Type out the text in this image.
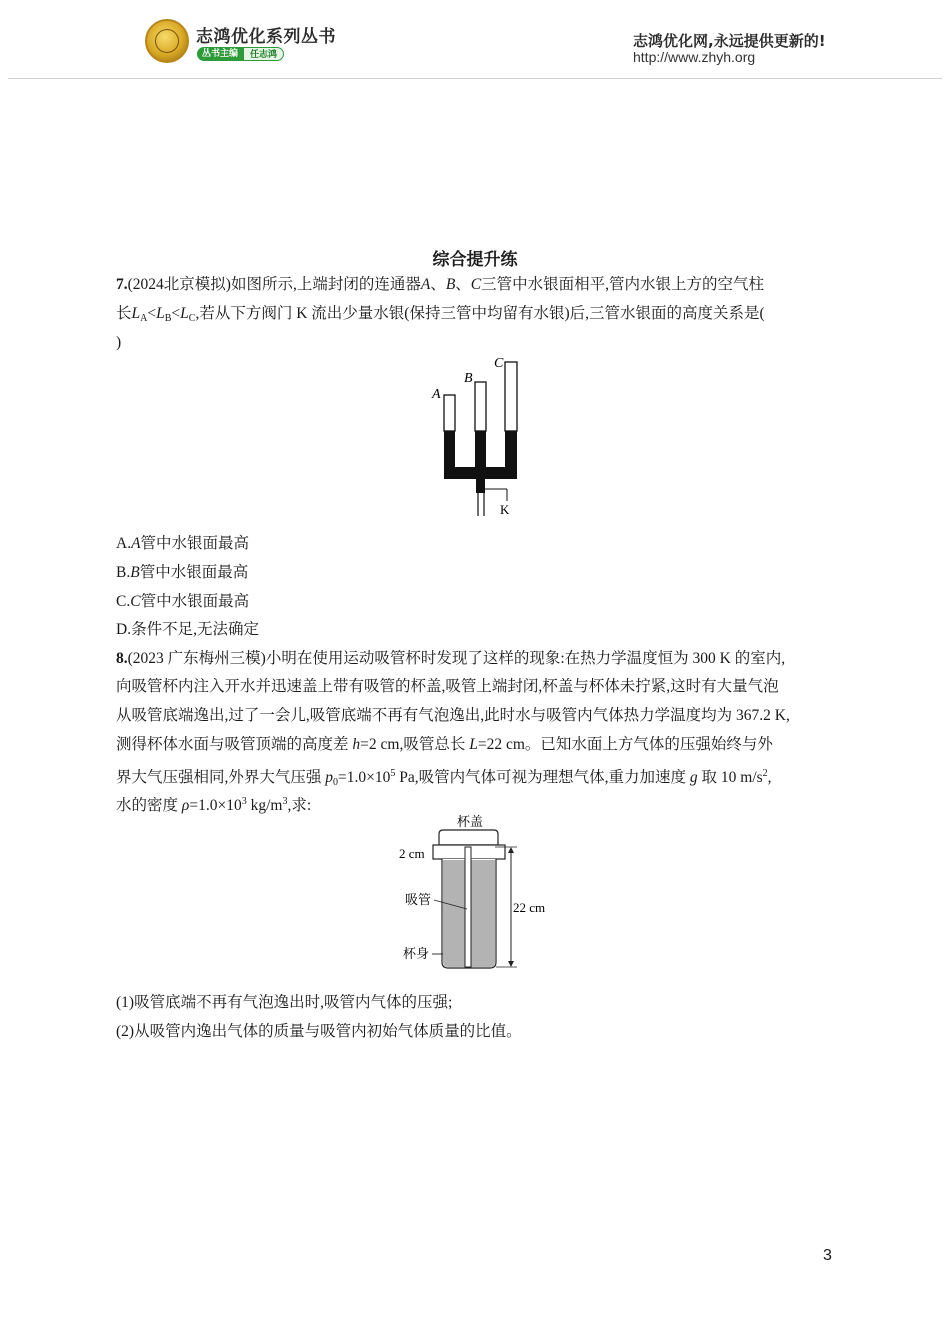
志鸿优化系列丛书
丛书主编	任志鸿
志鸿优化网,永远提供更新的!
http://www.zhyh.org
综合提升练
7.(2024北京模拟)如图所示,上端封闭的连通器A、B、C三管中水银面相平,管内水银上方的空气柱
长$L_A<L_B<L_C$,若从下方阀门 K 流出少量水银(保持三管中均留有水银)后,三管水银面的高度关系是(
)
A
B
C
K
A.A管中水银面最高
B.B管中水银面最高
C.C管中水银面最高
D.条件不足,无法确定
8.(2023 广东梅州三模)小明在使用运动吸管杯时发现了这样的现象:在热力学温度恒为 300 K 的室内,
向吸管杯内注入开水并迅速盖上带有吸管的杯盖,吸管上端封闭,杯盖与杯体未拧紧,这时有大量气泡
从吸管底端逸出,过了一会儿,吸管底端不再有气泡逸出,此时水与吸管内气体热力学温度均为 367.2 K,
测得杯体水面与吸管顶端的高度差 h=2 cm,吸管总长 L=22 cm。已知水面上方气体的压强始终与外
界大气压强相同,外界大气压强 $p_0=1.0\times 10^5$ Pa,吸管内气体可视为理想气体,重力加速度 g 取 10 $m/s^2$,
水的密度 $\rho=1.0\times 10^3$ $kg/m^3$,求:
杯盖
2 cm
吸管
杯身
22 cm
(1)吸管底端不再有气泡逸出时,吸管内气体的压强;
(2)从吸管内逸出气体的质量与吸管内初始气体质量的比值。
3
